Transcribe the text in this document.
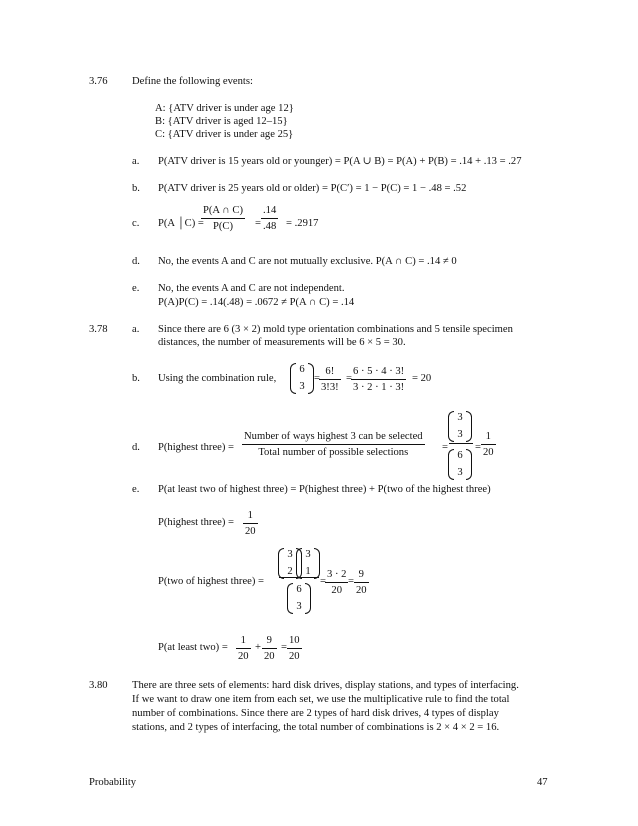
3.76 Define the following events:
A: {ATV driver is under age 12}
B: {ATV driver is aged 12–15}
C: {ATV driver is under age 25}
a. P(ATV driver is 15 years old or younger) = P(A ∪ B) = P(A) + P(B) = .14 + .13 = .27
b. P(ATV driver is 25 years old or older) = P(C′) = 1 − P(C) = 1 − .48 = .52
c. P(A │C) =
$\frac{P(A \cap C)}{P(C)} = \frac{.14}{.48} = .2917$
d. No, the events A and C are not mutually exclusive. P(A ∩ C) = .14 ≠ 0
e. No, the events A and C are not independent.
P(A)P(C) = .14(.48) = .0672 ≠ P(A ∩ C) = .14
3.78 a. Since there are 6 (3 × 2) mold type orientation combinations and 5 tensile specimen
distances, the number of measurements will be 6 × 5 = 30.
b. Using the combination rule,
6
3
= $\frac{6!}{3!3!} = \frac{6 \cdot 5 \cdot 4 \cdot 3!}{3 \cdot 2 \cdot 1 \cdot 3!} = 20$
d. P(highest three) =
Number of ways highest 3 can be selected
Total number of possible selections	=
3
3
6
3
= $\frac{1}{20}$
e. P(at least two of highest three) = P(highest three) + P(two of the highest three)
P(highest three) = $\frac{1}{20}$
P(two of highest three) =
3
2
3
1
6
3
= $\frac{3 \cdot 2}{20} = \frac{9}{20}$
P(at least $two) = \frac{1}{20} + \frac{9}{20} = \frac{10}{20}$
3.80 There are three sets of elements: hard disk drives, display stations, and types of interfacing.
If we want to draw one item from each set, we use the multiplicative rule to find the total
number of combinations. Since there are 2 types of hard disk drives, 4 types of display
stations, and 2 types of interfacing, the total number of combinations is 2 × 4 × 2 = 16.
Probability	47
